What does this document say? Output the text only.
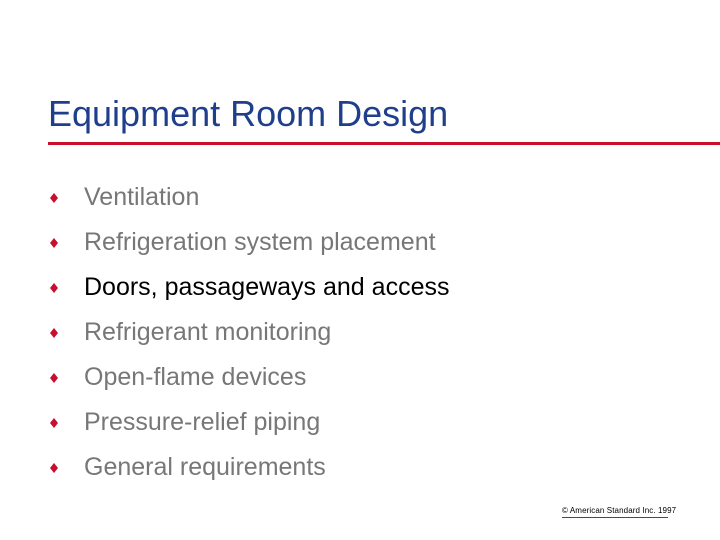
Equipment Room Design
Ventilation
Refrigeration system placement
Doors, passageways and access
Refrigerant monitoring
Open-flame devices
Pressure-relief piping
General requirements
© American Standard Inc. 1997
